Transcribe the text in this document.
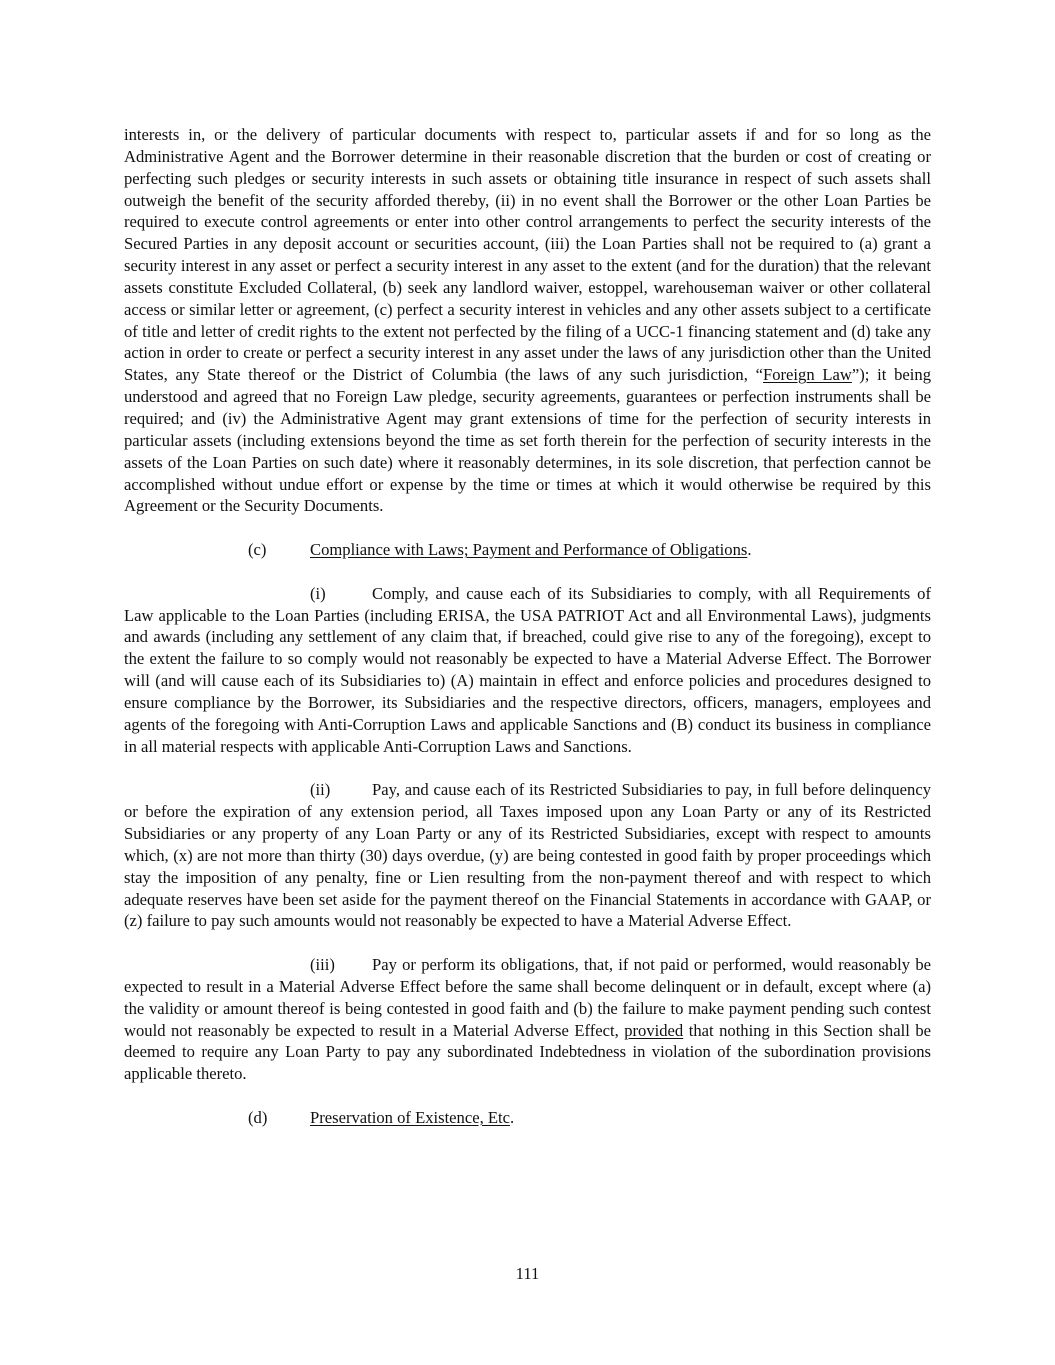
interests in, or the delivery of particular documents with respect to, particular assets if and for so long as the Administrative Agent and the Borrower determine in their reasonable discretion that the burden or cost of creating or perfecting such pledges or security interests in such assets or obtaining title insurance in respect of such assets shall outweigh the benefit of the security afforded thereby, (ii) in no event shall the Borrower or the other Loan Parties be required to execute control agreements or enter into other control arrangements to perfect the security interests of the Secured Parties in any deposit account or securities account, (iii) the Loan Parties shall not be required to (a) grant a security interest in any asset or perfect a security interest in any asset to the extent (and for the duration) that the relevant assets constitute Excluded Collateral, (b) seek any landlord waiver, estoppel, warehouseman waiver or other collateral access or similar letter or agreement, (c) perfect a security interest in vehicles and any other assets subject to a certificate of title and letter of credit rights to the extent not perfected by the filing of a UCC-1 financing statement and (d) take any action in order to create or perfect a security interest in any asset under the laws of any jurisdiction other than the United States, any State thereof or the District of Columbia (the laws of any such jurisdiction, “Foreign Law”); it being understood and agreed that no Foreign Law pledge, security agreements, guarantees or perfection instruments shall be required; and (iv) the Administrative Agent may grant extensions of time for the perfection of security interests in particular assets (including extensions beyond the time as set forth therein for the perfection of security interests in the assets of the Loan Parties on such date) where it reasonably determines, in its sole discretion, that perfection cannot be accomplished without undue effort or expense by the time or times at which it would otherwise be required by this Agreement or the Security Documents.

(c)	Compliance with Laws; Payment and Performance of Obligations.

(i)	Comply, and cause each of its Subsidiaries to comply, with all Requirements of Law applicable to the Loan Parties (including ERISA, the USA PATRIOT Act and all Environmental Laws), judgments and awards (including any settlement of any claim that, if breached, could give rise to any of the foregoing), except to the extent the failure to so comply would not reasonably be expected to have a Material Adverse Effect. The Borrower will (and will cause each of its Subsidiaries to) (A) maintain in effect and enforce policies and procedures designed to ensure compliance by the Borrower, its Subsidiaries and the respective directors, officers, managers, employees and agents of the foregoing with Anti-Corruption Laws and applicable Sanctions and (B) conduct its business in compliance in all material respects with applicable Anti-Corruption Laws and Sanctions.

(ii)	Pay, and cause each of its Restricted Subsidiaries to pay, in full before delinquency or before the expiration of any extension period, all Taxes imposed upon any Loan Party or any of its Restricted Subsidiaries or any property of any Loan Party or any of its Restricted Subsidiaries, except with respect to amounts which, (x) are not more than thirty (30) days overdue, (y) are being contested in good faith by proper proceedings which stay the imposition of any penalty, fine or Lien resulting from the non-payment thereof and with respect to which adequate reserves have been set aside for the payment thereof on the Financial Statements in accordance with GAAP, or (z) failure to pay such amounts would not reasonably be expected to have a Material Adverse Effect.

(iii) Pay or perform its obligations, that, if not paid or performed, would reasonably be expected to result in a Material Adverse Effect before the same shall become delinquent or in default, except where (a) the validity or amount thereof is being contested in good faith and (b) the failure to make payment pending such contest would not reasonably be expected to result in a Material Adverse Effect, provided that nothing in this Section shall be deemed to require any Loan Party to pay any subordinated Indebtedness in violation of the subordination provisions applicable thereto.

(d)	Preservation of Existence, Etc.

111
